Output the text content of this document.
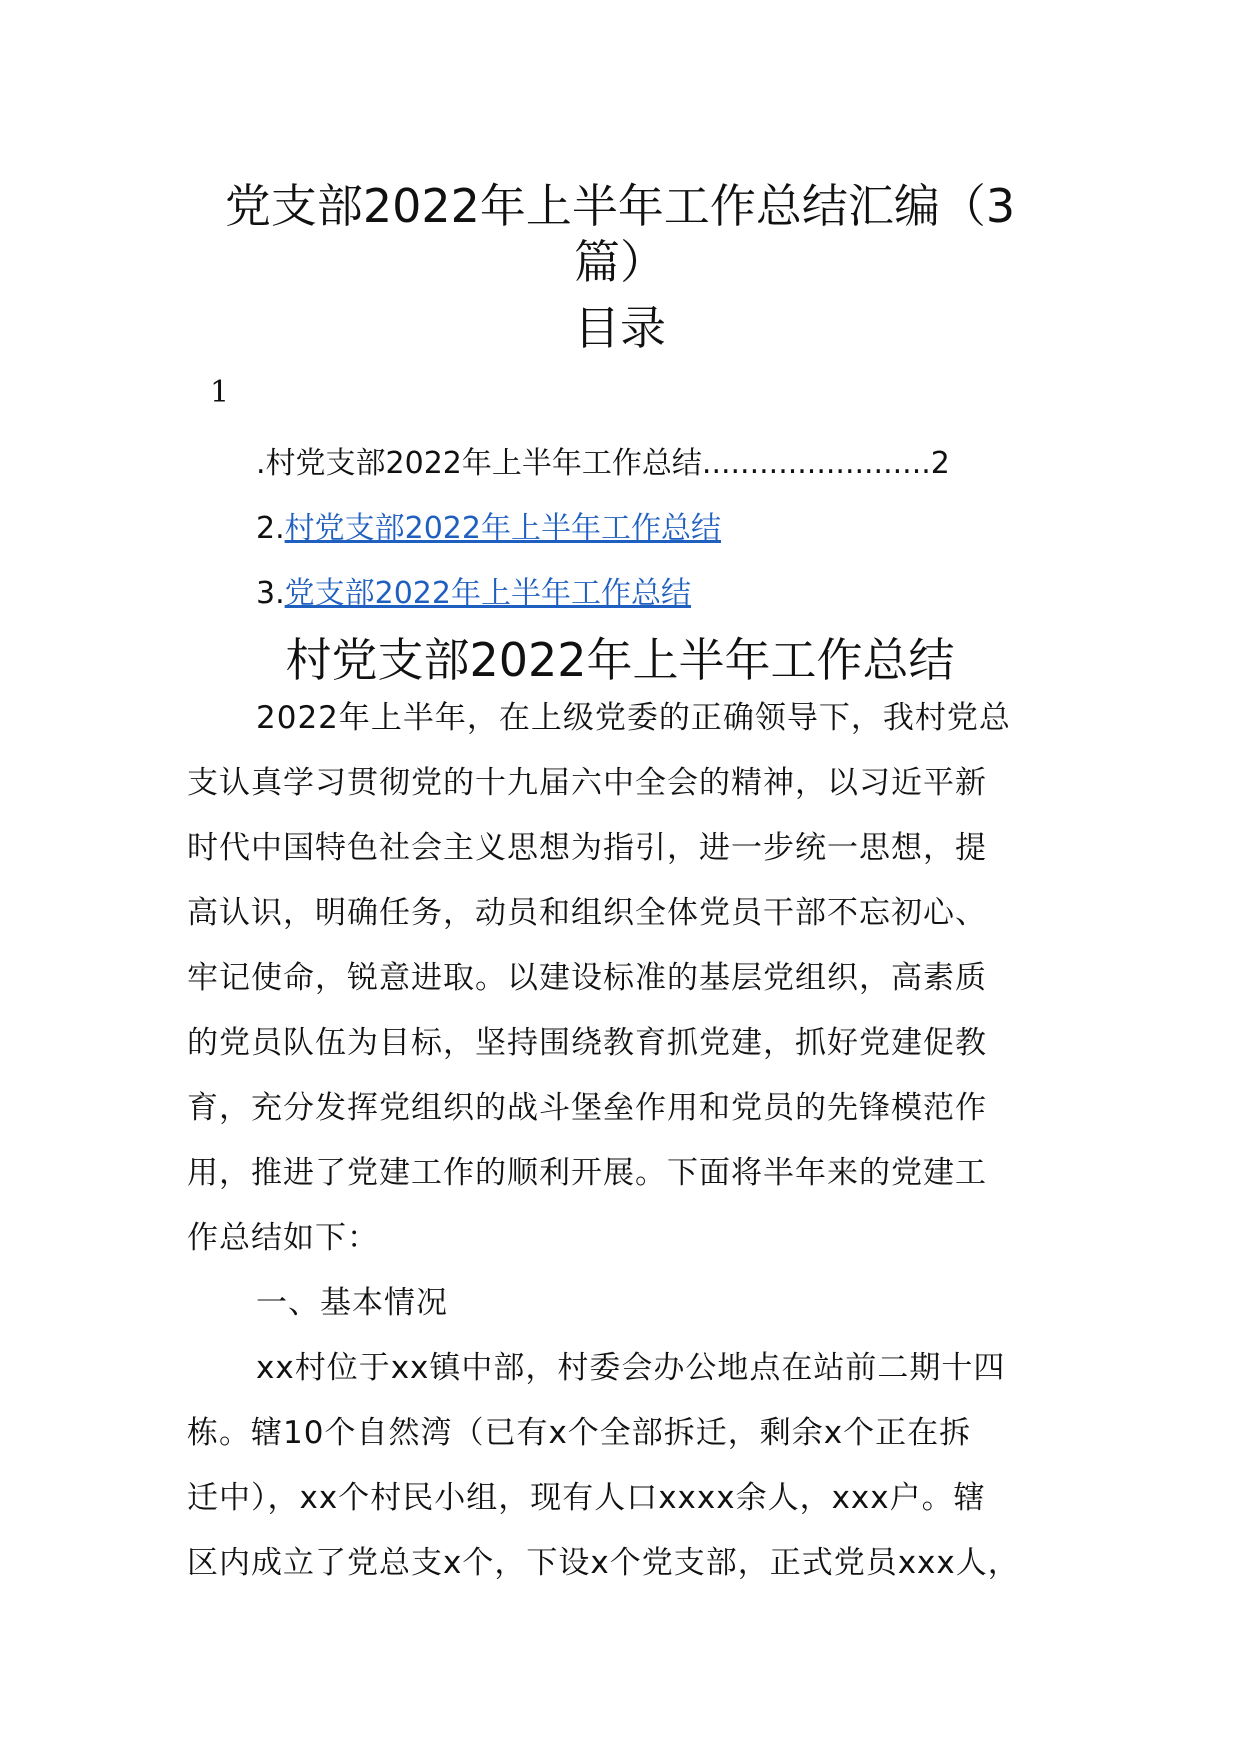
党支部2022年上半年工作总结汇编（3
篇）
目录
1
.村党支部2022年上半年工作总结........................2
2.村党支部2022年上半年工作总结
3.党支部2022年上半年工作总结
村党支部2022年上半年工作总结
2022年上半年，在上级党委的正确领导下，我村党总
支认真学习贯彻党的十九届六中全会的精神，以习近平新
时代中国特色社会主义思想为指引，进一步统一思想，提
高认识，明确任务，动员和组织全体党员干部不忘初心、
牢记使命，锐意进取。以建设标准的基层党组织，高素质
的党员队伍为目标，坚持围绕教育抓党建，抓好党建促教
育，充分发挥党组织的战斗堡垒作用和党员的先锋模范作
用，推进了党建工作的顺利开展。下面将半年来的党建工
作总结如下：
一、基本情况
xx村位于xx镇中部，村委会办公地点在站前二期十四
栋。辖10个自然湾（已有x个全部拆迁，剩余x个正在拆
迁中），xx个村民小组，现有人口xxxx余人，xxx户。辖
区内成立了党总支x个，下设x个党支部，正式党员xxx人，
